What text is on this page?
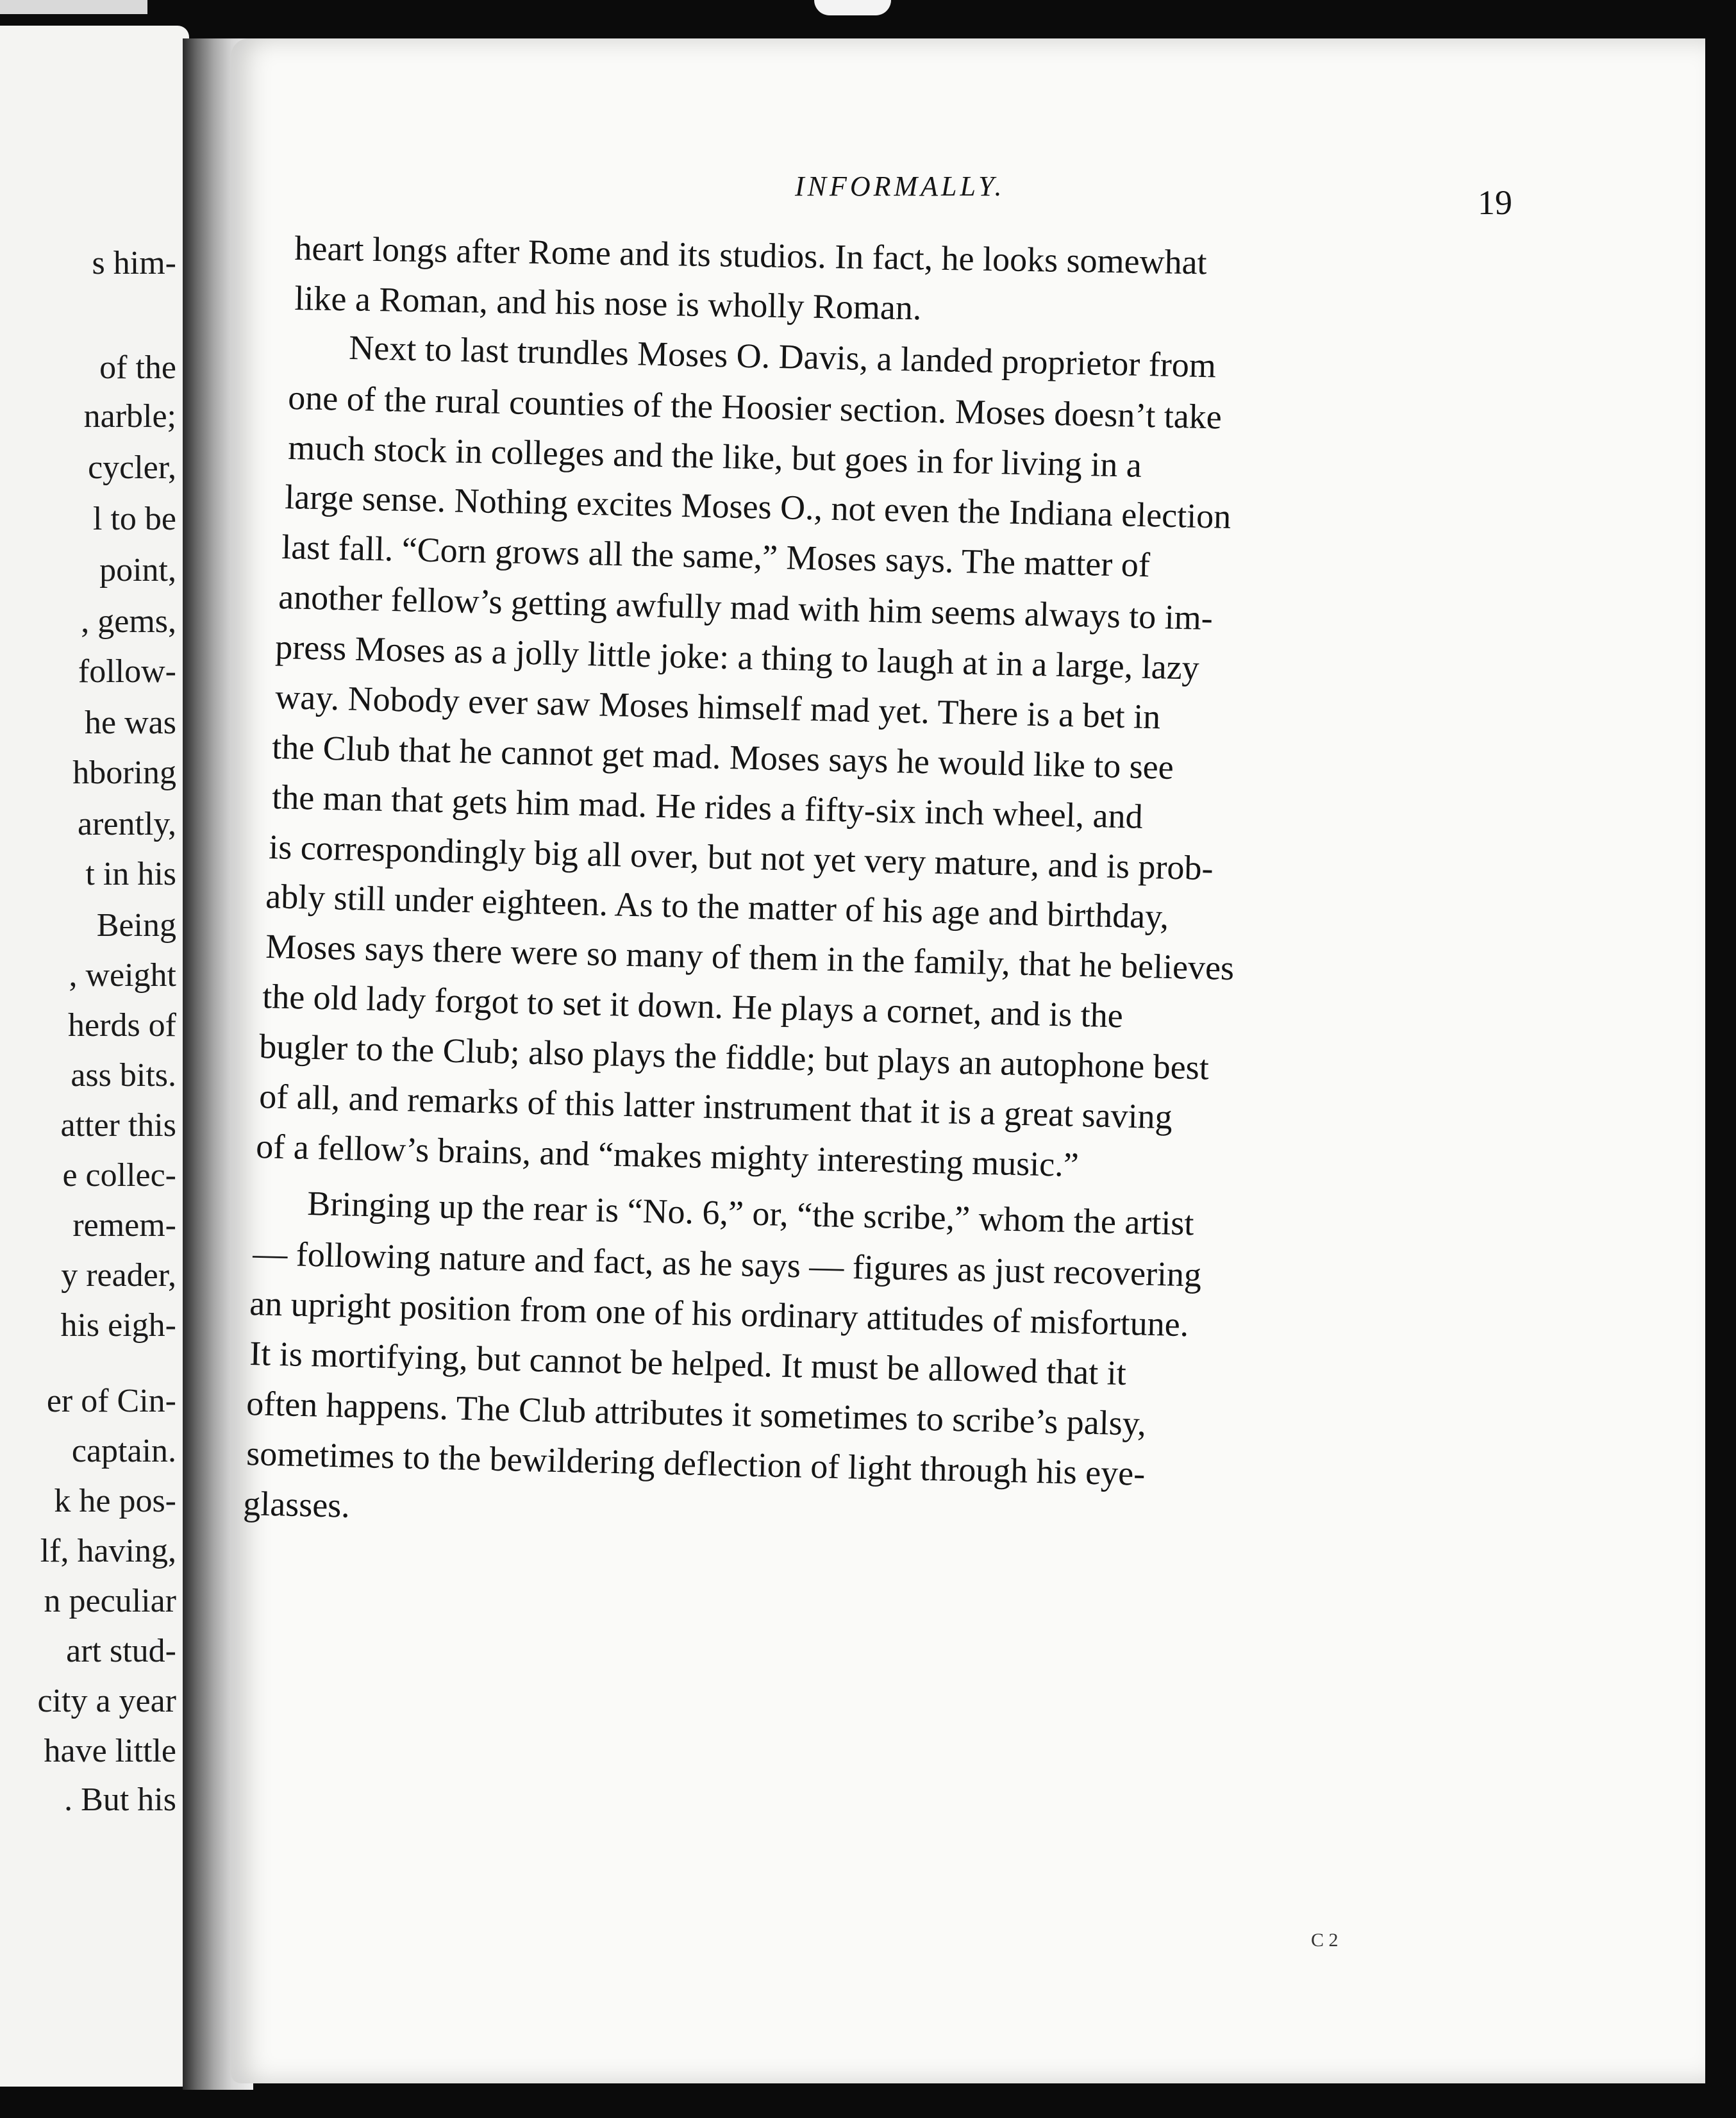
s him-
of the
narble;
cycler,
l to be
point,
, gems,
follow-
he was
hboring
arently,
t in his
Being
, weight
herds of
ass bits.
atter this
e collec-
remem-
y reader,
his eigh-
er of Cin-
captain.
k he pos-
lf, having,
n peculiar
art stud-
city a year
have little
. But his
INFORMALLY.	19
heart longs after Rome and its studios. In fact, he looks somewhat
like a Roman, and his nose is wholly Roman.
Next to last trundles Moses O. Davis, a landed proprietor from
one of the rural counties of the Hoosier section. Moses doesn’t take
much stock in colleges and the like, but goes in for living in a
large sense. Nothing excites Moses O., not even the Indiana election
last fall. “Corn grows all the same,” Moses says. The matter of
another fellow’s getting awfully mad with him seems always to im-
press Moses as a jolly little joke: a thing to laugh at in a large, lazy
way. Nobody ever saw Moses himself mad yet. There is a bet in
the Club that he cannot get mad. Moses says he would like to see
the man that gets him mad. He rides a fifty-six inch wheel, and
is correspondingly big all over, but not yet very mature, and is prob-
ably still under eighteen. As to the matter of his age and birthday,
Moses says there were so many of them in the family, that he believes
the old lady forgot to set it down. He plays a cornet, and is the
bugler to the Club; also plays the fiddle; but plays an autophone best
of all, and remarks of this latter instrument that it is a great saving
of a fellow’s brains, and “makes mighty interesting music.”
Bringing up the rear is “No. 6,” or, “the scribe,” whom the artist
— following nature and fact, as he says — figures as just recovering
an upright position from one of his ordinary attitudes of misfortune.
It is mortifying, but cannot be helped. It must be allowed that it
often happens. The Club attributes it sometimes to scribe’s palsy,
sometimes to the bewildering deflection of light through his eye-
glasses.
C 2
